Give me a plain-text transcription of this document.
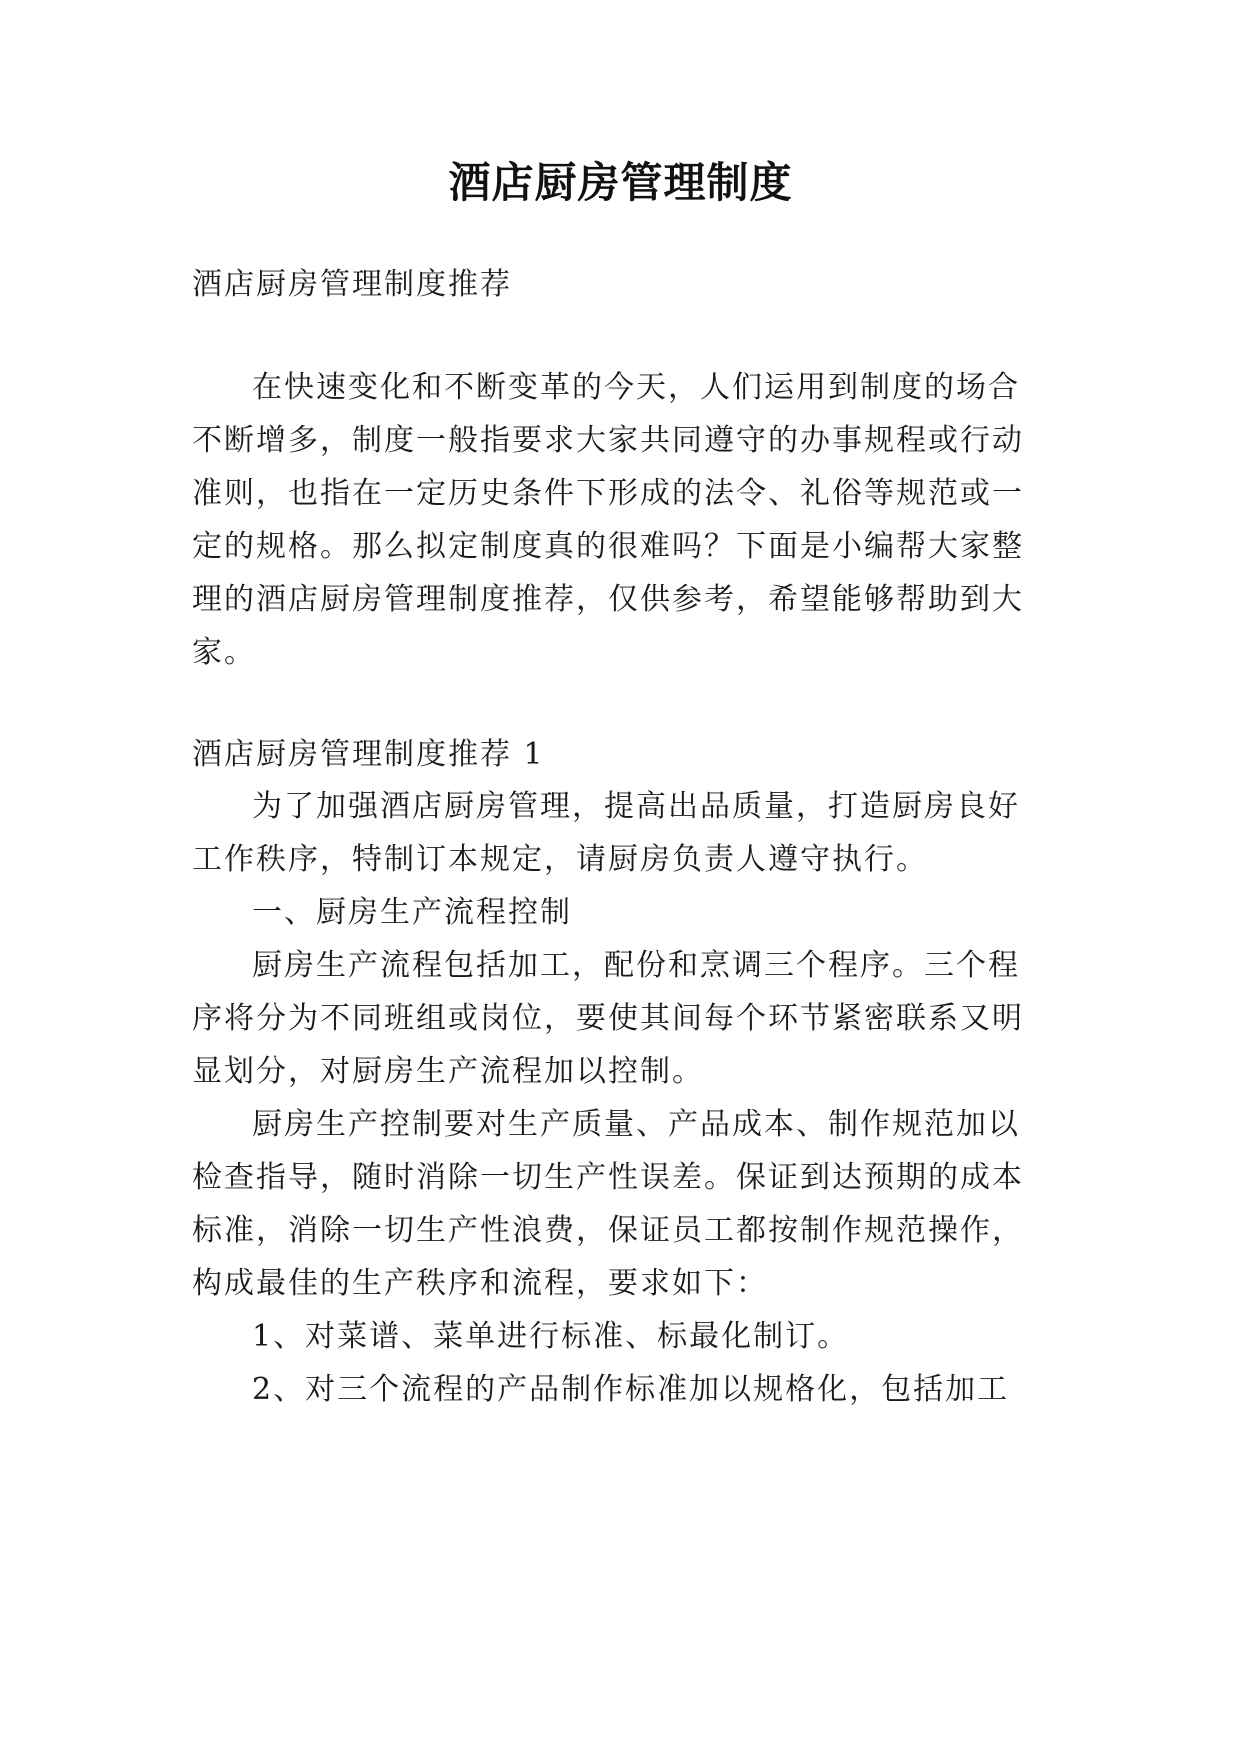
酒店厨房管理制度

酒店厨房管理制度推荐

在快速变化和不断变革的今天，人们运用到制度的场合

不断增多，制度一般指要求大家共同遵守的办事规程或行动

准则，也指在一定历史条件下形成的法令、礼俗等规范或一

定的规格。那么拟定制度真的很难吗？下面是小编帮大家整

理的酒店厨房管理制度推荐，仅供参考，希望能够帮助到大

家。

酒店厨房管理制度推荐 1

为了加强酒店厨房管理，提高出品质量，打造厨房良好

工作秩序，特制订本规定，请厨房负责人遵守执行。

一、厨房生产流程控制

厨房生产流程包括加工，配份和烹调三个程序。三个程

序将分为不同班组或岗位，要使其间每个环节紧密联系又明

显划分，对厨房生产流程加以控制。

厨房生产控制要对生产质量、产品成本、制作规范加以

检查指导，随时消除一切生产性误差。保证到达预期的成本

标准，消除一切生产性浪费，保证员工都按制作规范操作，

构成最佳的生产秩序和流程，要求如下：

1、对菜谱、菜单进行标准、标最化制订。

2、对三个流程的产品制作标准加以规格化，包括加工
